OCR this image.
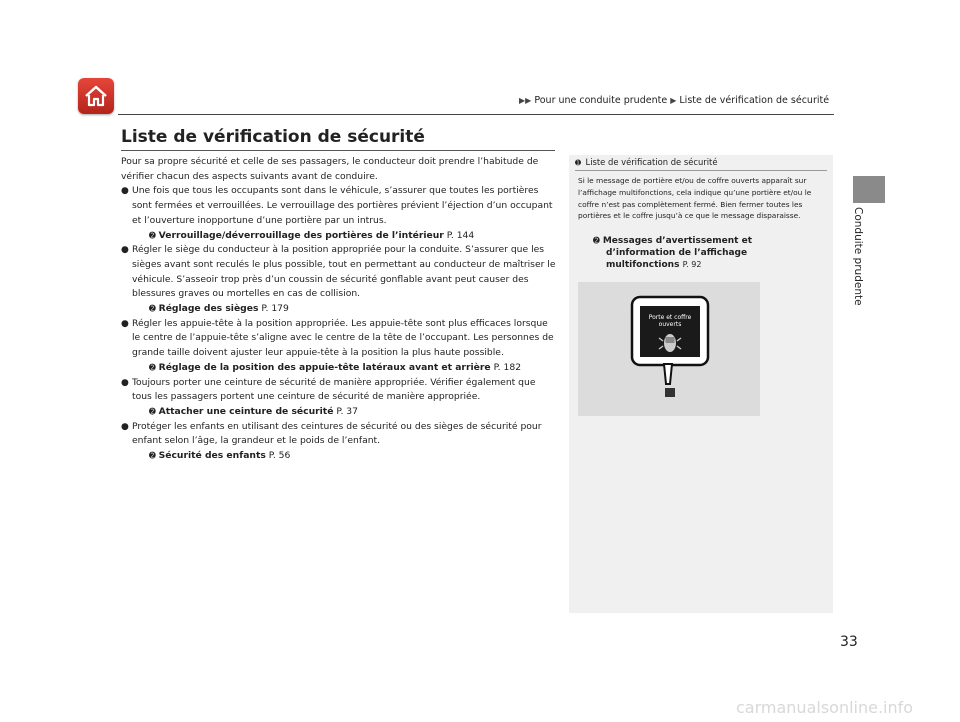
▶▶ Pour une conduite prudente ▶ Liste de vérification de sécurité
Liste de vérification de sécurité

Pour sa propre sécurité et celle de ses passagers, le conducteur doit prendre l’habitude de vérifier chacun des aspects suivants avant de conduire.

● Une fois que tous les occupants sont dans le véhicule, s’assurer que toutes les portières sont fermées et verrouillées. Le verrouillage des portières prévient l’éjection d’un occupant et l’ouverture inopportune d’une portière par un intrus.
➋ Verrouillage/déverrouillage des portières de l’intérieur P. 144
● Régler le siège du conducteur à la position appropriée pour la conduite. S’assurer que les sièges avant sont reculés le plus possible, tout en permettant au conducteur de maîtriser le véhicule. S’asseoir trop près d’un coussin de sécurité gonflable avant peut causer des blessures graves ou mortelles en cas de collision.
➋ Réglage des sièges P. 179
● Régler les appuie-tête à la position appropriée. Les appuie-tête sont plus efficaces lorsque le centre de l’appuie-tête s’aligne avec le centre de la tête de l’occupant. Les personnes de grande taille doivent ajuster leur appuie-tête à la position la plus haute possible.
➋ Réglage de la position des appuie-tête latéraux avant et arrière P. 182
● Toujours porter une ceinture de sécurité de manière appropriée. Vérifier également que tous les passagers portent une ceinture de sécurité de manière appropriée.
➋ Attacher une ceinture de sécurité P. 37
● Protéger les enfants en utilisant des ceintures de sécurité ou des sièges de sécurité pour enfant selon l’âge, la grandeur et le poids de l’enfant.
➋ Sécurité des enfants P. 56
➊ Liste de vérification de sécurité
Si le message de portière et/ou de coffre ouverts apparaît sur l’affichage multifonctions, cela indique qu’une portière et/ou le coffre n’est pas complètement fermé. Bien fermer toutes les portières et le coffre jusqu’à ce que le message disparaisse.
➋ Messages d’avertissement et
d’information de l’affichage
multifonctions P. 92
Porte et coffre
ouverts
Conduite prudente
33
carmanualsonline.info
